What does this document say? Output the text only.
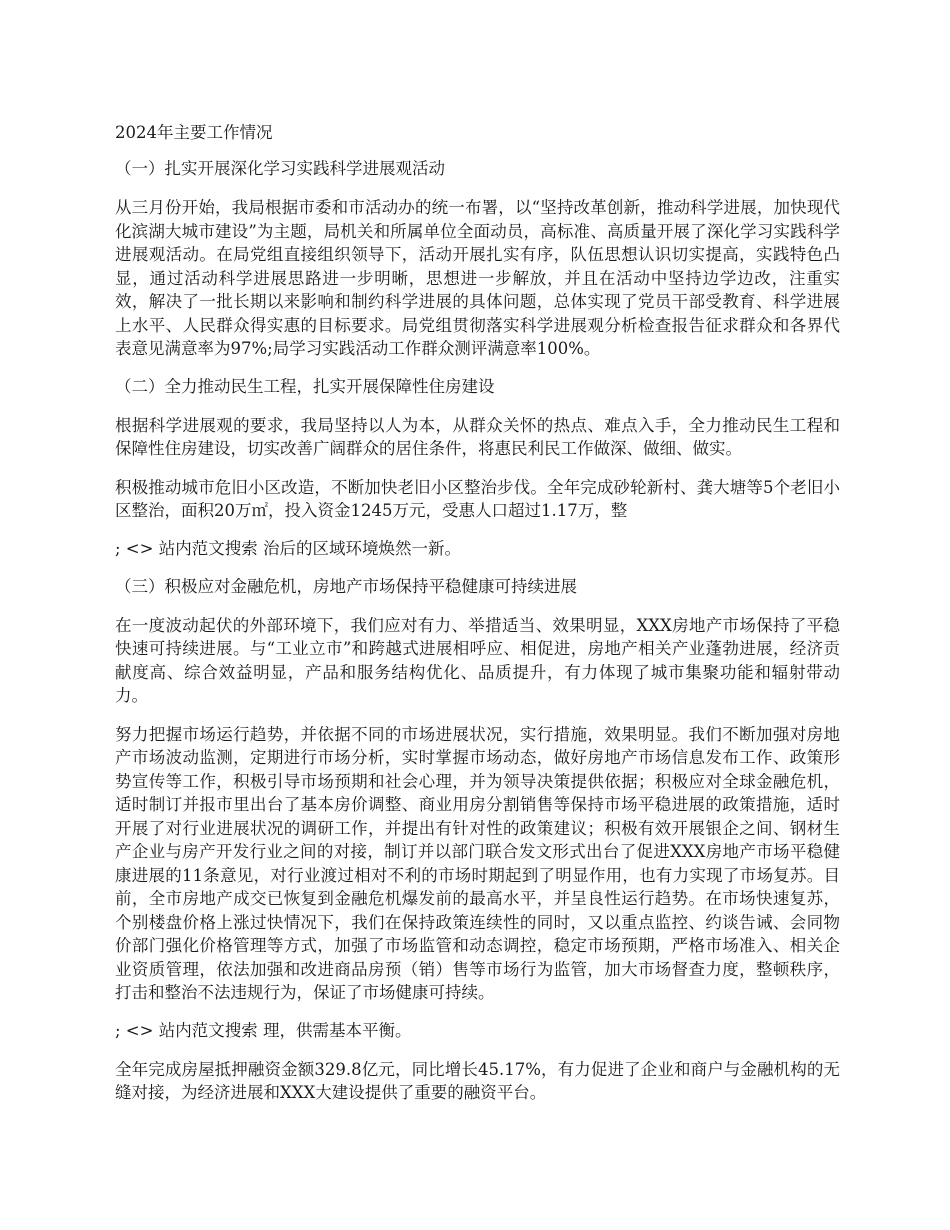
2024年主要工作情况
（一）扎实开展深化学习实践科学进展观活动
从三月份开始，我局根据市委和市活动办的统一布署，以“坚持改革创新，推动科学进展，加快现代化滨湖大城市建设”为主题，局机关和所属单位全面动员，高标准、高质量开展了深化学习实践科学进展观活动。在局党组直接组织领导下，活动开展扎实有序，队伍思想认识切实提高，实践特色凸显，通过活动科学进展思路进一步明晰，思想进一步解放，并且在活动中坚持边学边改，注重实效，解决了一批长期以来影响和制约科学进展的具体问题，总体实现了党员干部受教育、科学进展上水平、人民群众得实惠的目标要求。局党组贯彻落实科学进展观分析检查报告征求群众和各界代表意见满意率为97%;局学习实践活动工作群众测评满意率100%。
（二）全力推动民生工程，扎实开展保障性住房建设
根据科学进展观的要求，我局坚持以人为本，从群众关怀的热点、难点入手，全力推动民生工程和保障性住房建设，切实改善广阔群众的居住条件，将惠民利民工作做深、做细、做实。
积极推动城市危旧小区改造，不断加快老旧小区整治步伐。全年完成砂轮新村、龚大塘等5个老旧小区整治，面积20万㎡，投入资金1245万元，受惠人口超过1.17万，整
; <> 站内范文搜索 治后的区域环境焕然一新。
（三）积极应对金融危机，房地产市场保持平稳健康可持续进展
在一度波动起伏的外部环境下，我们应对有力、举措适当、效果明显，XXX房地产市场保持了平稳快速可持续进展。与“工业立市”和跨越式进展相呼应、相促进，房地产相关产业蓬勃进展，经济贡献度高、综合效益明显，产品和服务结构优化、品质提升，有力体现了城市集聚功能和辐射带动力。
努力把握市场运行趋势，并依据不同的市场进展状况，实行措施，效果明显。我们不断加强对房地产市场波动监测，定期进行市场分析，实时掌握市场动态，做好房地产市场信息发布工作、政策形势宣传等工作，积极引导市场预期和社会心理，并为领导决策提供依据；积极应对全球金融危机，适时制订并报市里出台了基本房价调整、商业用房分割销售等保持市场平稳进展的政策措施，适时开展了对行业进展状况的调研工作，并提出有针对性的政策建议；积极有效开展银企之间、钢材生产企业与房产开发行业之间的对接，制订并以部门联合发文形式出台了促进XXX房地产市场平稳健康进展的11条意见，对行业渡过相对不利的市场时期起到了明显作用，也有力实现了市场复苏。目前，全市房地产成交已恢复到金融危机爆发前的最高水平，并呈良性运行趋势。在市场快速复苏，个别楼盘价格上涨过快情况下，我们在保持政策连续性的同时，又以重点监控、约谈告诫、会同物价部门强化价格管理等方式，加强了市场监管和动态调控，稳定市场预期，严格市场准入、相关企业资质管理，依法加强和改进商品房预（销）售等市场行为监管，加大市场督查力度，整顿秩序，打击和整治不法违规行为，保证了市场健康可持续。
; <> 站内范文搜索 理，供需基本平衡。
全年完成房屋抵押融资金额329.8亿元，同比增长45.17%，有力促进了企业和商户与金融机构的无缝对接，为经济进展和XXX大建设提供了重要的融资平台。
